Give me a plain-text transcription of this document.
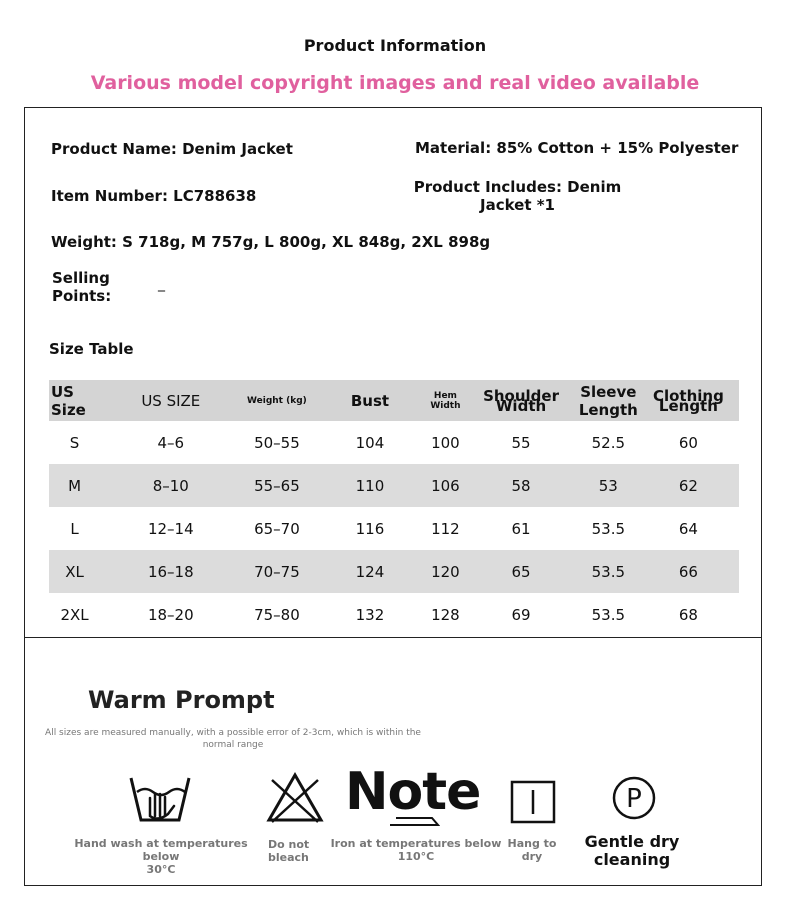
Product Information
Various model copyright images and real video available
Product Name: Denim Jacket	Material: 85% Cotton + 15% Polyester
Item Number: LC788638	Product Includes: Denim
Jacket *1
Weight: S 718g, M 757g, L 800g, XL 848g, 2XL 898g
Selling
Points:
_
Size Table
US Size	US SIZE	Weight (kg)	Bust	Hem Width	Shoulder Width	Sleeve Length	Clothing Length
S	4–6	50–55	104	100	55	52.5	60
M	8–10	55–65	110	106	58	53	62
L	12–14	65–70	116	112	61	53.5	64
XL	16–18	70–75	124	120	65	53.5	66
2XL	18–20	75–80	132	128	69	53.5	68
Warm Prompt
All sizes are measured manually, with a possible error of 2-3cm, which is within the
normal range
Note	P
Hand wash at temperatures below
30°C
Do not
bleach
Iron at temperatures below
110°C
Hang to
dry
Gentle dry
cleaning
